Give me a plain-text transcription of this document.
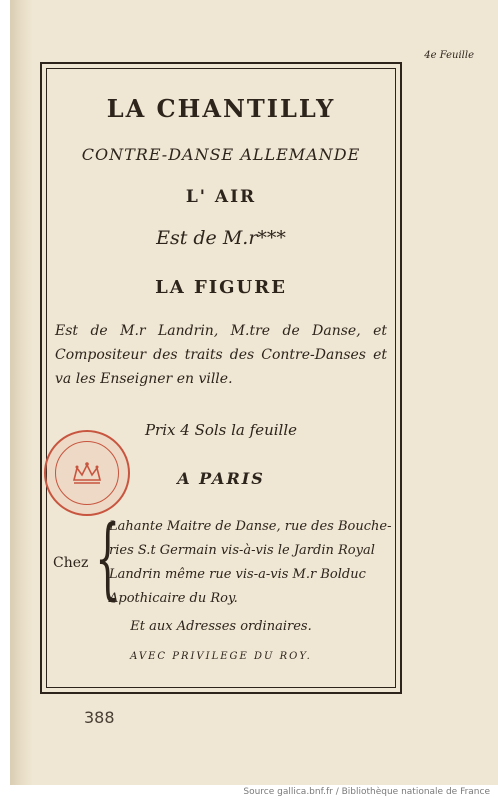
4e Feuille
LA CHANTILLY
CONTRE-DANSE ALLEMANDE
L' AIR
Est de M.r***
LA FIGURE
Est de M.r Landrin, M.tre de Danse, et Compositeur des traits des Contre-Danses et va les Enseigner en ville.
Prix 4 Sols la feuille
A PARIS
Chez {
Lahante Maitre de Danse, rue des Bouche-
ries S.t Germain vis-à-vis le Jardin Royal
Landrin même rue vis-a-vis M.r Bolduc
Apothicaire du Roy.
Et aux Adresses ordinaires.
AVEC PRIVILEGE DU ROY.
388
Source gallica.bnf.fr / Bibliothèque nationale de France
